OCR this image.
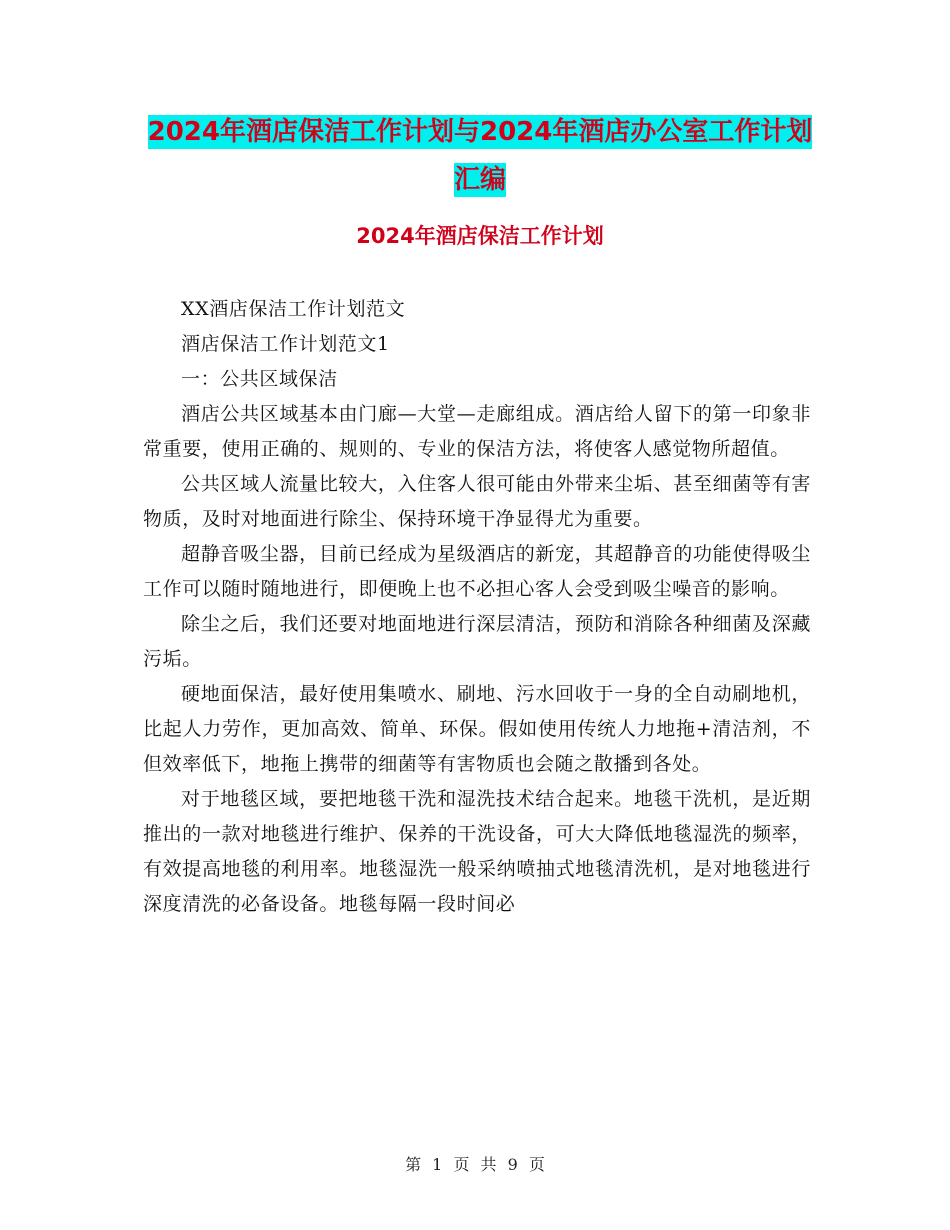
2024年酒店保洁工作计划与2024年酒店办公室工作计划汇编
2024年酒店保洁工作计划

XX酒店保洁工作计划范文

酒店保洁工作计划范文1

一：公共区域保洁

酒店公共区域基本由门廊—大堂—走廊组成。酒店给人留下的第一印象非常重要，使用正确的、规则的、专业的保洁方法，将使客人感觉物所超值。

公共区域人流量比较大，入住客人很可能由外带来尘垢、甚至细菌等有害物质，及时对地面进行除尘、保持环境干净显得尤为重要。

超静音吸尘器，目前已经成为星级酒店的新宠，其超静音的功能使得吸尘工作可以随时随地进行，即便晚上也不必担心客人会受到吸尘噪音的影响。

除尘之后，我们还要对地面地进行深层清洁，预防和消除各种细菌及深藏污垢。

硬地面保洁，最好使用集喷水、刷地、污水回收于一身的全自动刷地机，比起人力劳作，更加高效、简单、环保。假如使用传统人力地拖+清洁剂，不但效率低下，地拖上携带的细菌等有害物质也会随之散播到各处。

对于地毯区域，要把地毯干洗和湿洗技术结合起来。地毯干洗机，是近期推出的一款对地毯进行维护、保养的干洗设备，可大大降低地毯湿洗的频率，有效提高地毯的利用率。地毯湿洗一般采纳喷抽式地毯清洗机，是对地毯进行深度清洗的必备设备。地毯每隔一段时间必

第 1 页 共 9 页
